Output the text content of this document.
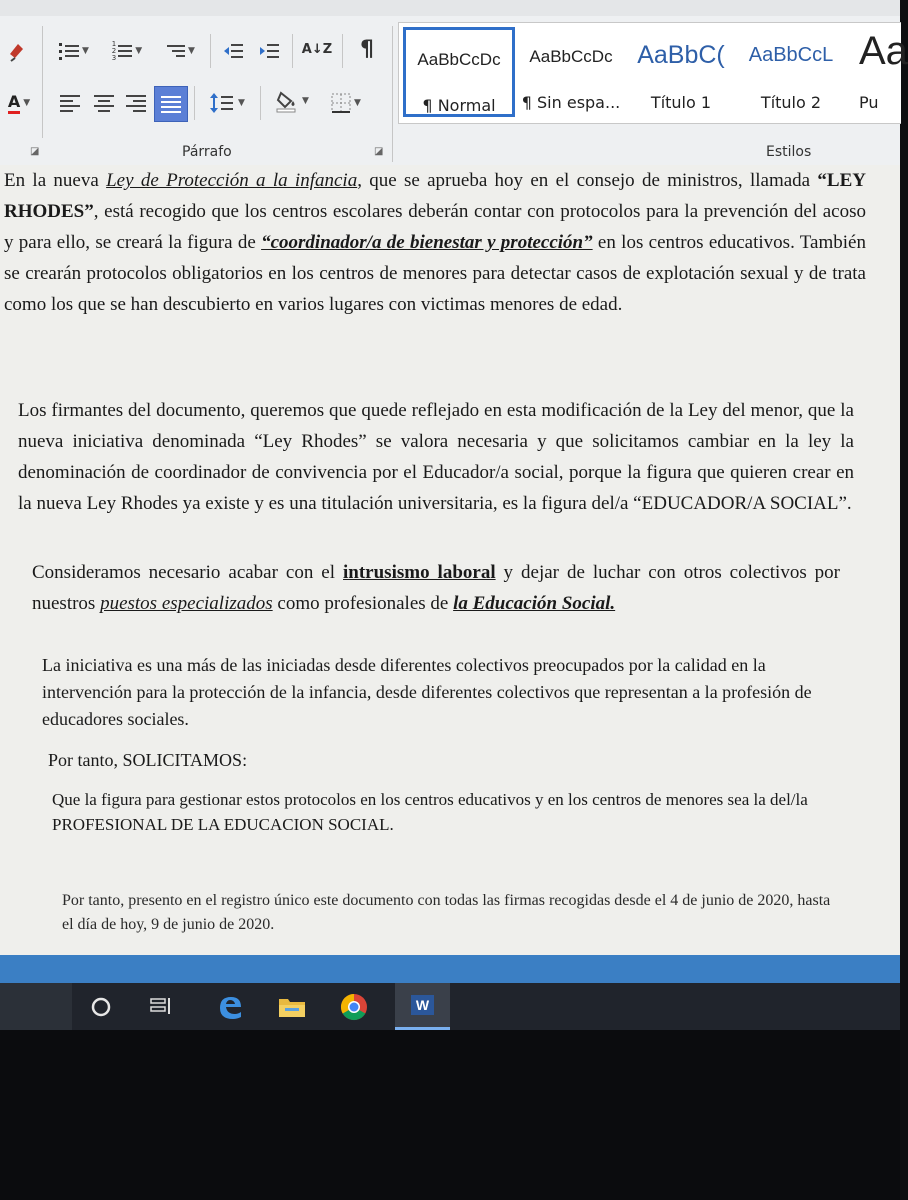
A ▼
▼
1
2
3
▼	▼	A↓Z ¶
▼	▼	▼
◪	Párrafo	◪
AaBbCcDc
¶ Normal
AaBbCcDc
¶ Sin espa...
AaBbC(
Título 1
AaBbCcL
Título 2
Aa
Pu
Estilos
En la nueva Ley de Protección a la infancia, que se aprueba hoy en el consejo de ministros, llamada “LEY RHODES”, está recogido que los centros escolares deberán contar con protocolos para la prevención del acoso y para ello, se creará la figura de “coordinador/a de bienestar y protección” en los centros educativos. También se crearán protocolos obligatorios en los centros de menores para detectar casos de explotación sexual y de trata como los que se han descubierto en varios lugares con victimas menores de edad.
Los firmantes del documento, queremos que quede reflejado en esta modificación de la Ley del menor, que la nueva iniciativa denominada “Ley Rhodes” se valora necesaria y que solicitamos cambiar en la ley la denominación de coordinador de convivencia por el Educador/a social, porque la figura que quieren crear en la nueva Ley Rhodes ya existe y es una titulación universitaria, es la figura del/a “EDUCADOR/A SOCIAL”.
Consideramos necesario acabar con el intrusismo laboral y dejar de luchar con otros colectivos por nuestros puestos especializados como profesionales de la Educación Social.
La iniciativa es una más de las iniciadas desde diferentes colectivos preocupados por la calidad en la intervención para la protección de la infancia, desde diferentes colectivos que representan a la profesión de educadores sociales.
Por tanto, SOLICITAMOS:
Que la figura para gestionar estos protocolos en los centros educativos y en los centros de menores sea la del/la PROFESIONAL DE LA EDUCACION SOCIAL.
Por tanto, presento en el registro único este documento con todas las firmas recogidas desde el 4 de junio de 2020, hasta el día de hoy, 9 de junio de 2020.
W
